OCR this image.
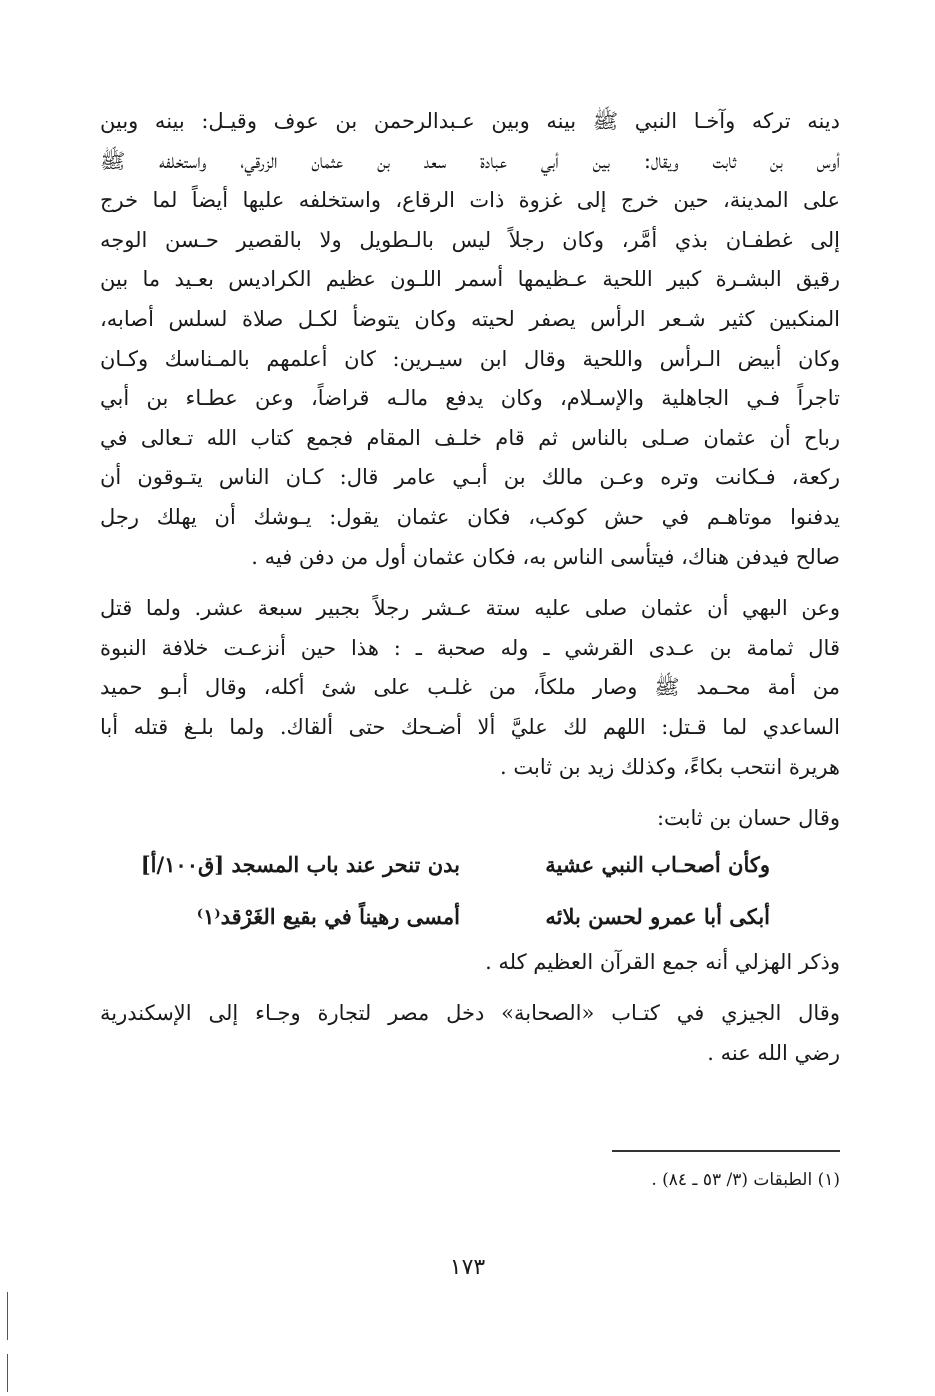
دينه تركه وآخـا النبي ﷺ بينه وبين عـبدالرحمن بن عوف وقيـل: بينه وبين
أوس بن ثابت ويقال: بين أبي عبادة سعد بن عثمان الزرقي، واستخلفه ﷺ
على المدينة، حين خرج إلى غزوة ذات الرقاع، واستخلفه عليها أيضاً لما خرج
إلى غطفـان بذي أمَّر، وكان رجلاً ليس بالـطويل ولا بالقصير حـسن الوجه
رقيق البشـرة كبير اللحية عـظيمها أسمر اللـون عظيم الكراديس بعـيد ما بين
المنكبين كثير شـعر الرأس يصفر لحيته وكان يتوضأ لكـل صلاة لسلس أصابه،
وكان أبيض الـرأس واللحية وقال ابن سيـرين: كان أعلمهم بالمـناسك وكـان
تاجراً فـي الجاهلية والإسـلام، وكان يدفع مالـه قراضاً، وعن عطـاء بن أبي
رباح أن عثمان صـلى بالناس ثم قام خلـف المقام فجمع كتاب الله تـعالى في
ركعة، فـكانت وتره وعـن مالك بن أبـي عامر قال: كـان الناس يتـوقون أن
يدفنوا موتاهـم في حش كوكب، فكان عثمان يقول: يـوشك أن يهلك رجل
صالح فيدفن هناك، فيتأسى الناس به، فكان عثمان أول من دفن فيه .
وعن البهي أن عثمان صلى عليه ستة عـشر رجلاً بجبير سبعة عشر. ولما قتل
قال ثمامة بن عـدى القرشي ـ وله صحبة ـ : هذا حين أنزعـت خلافة النبوة
من أمة محـمد ﷺ وصار ملكاً، من غلـب على شئ أكله، وقال أبـو حميد
الساعدي لما قـتل: اللهم لك عليَّ ألا أضـحك حتى ألقاك. ولما بلـغ قتله أبا
هريرة انتحب بكاءً، وكذلك زيد بن ثابت .
وقال حسان بن ثابت:
وكأن أصحـاب النبي عشية
بدن تنحر عند باب المسجد [ق١٠٠/أ]
أبكى أبا عمرو لحسن بلائه
أمسى رهيناً في بقيع الغَرْقد⁽١⁾
وذكر الهزلي أنه جمع القرآن العظيم كله .
وقال الجيزي في كتـاب «الصحابة» دخل مصر لتجارة وجـاء إلى الإسكندرية
رضي الله عنه .
(١) الطبقات (٣/ ٥٣ ـ ٨٤) .
١٧٣
